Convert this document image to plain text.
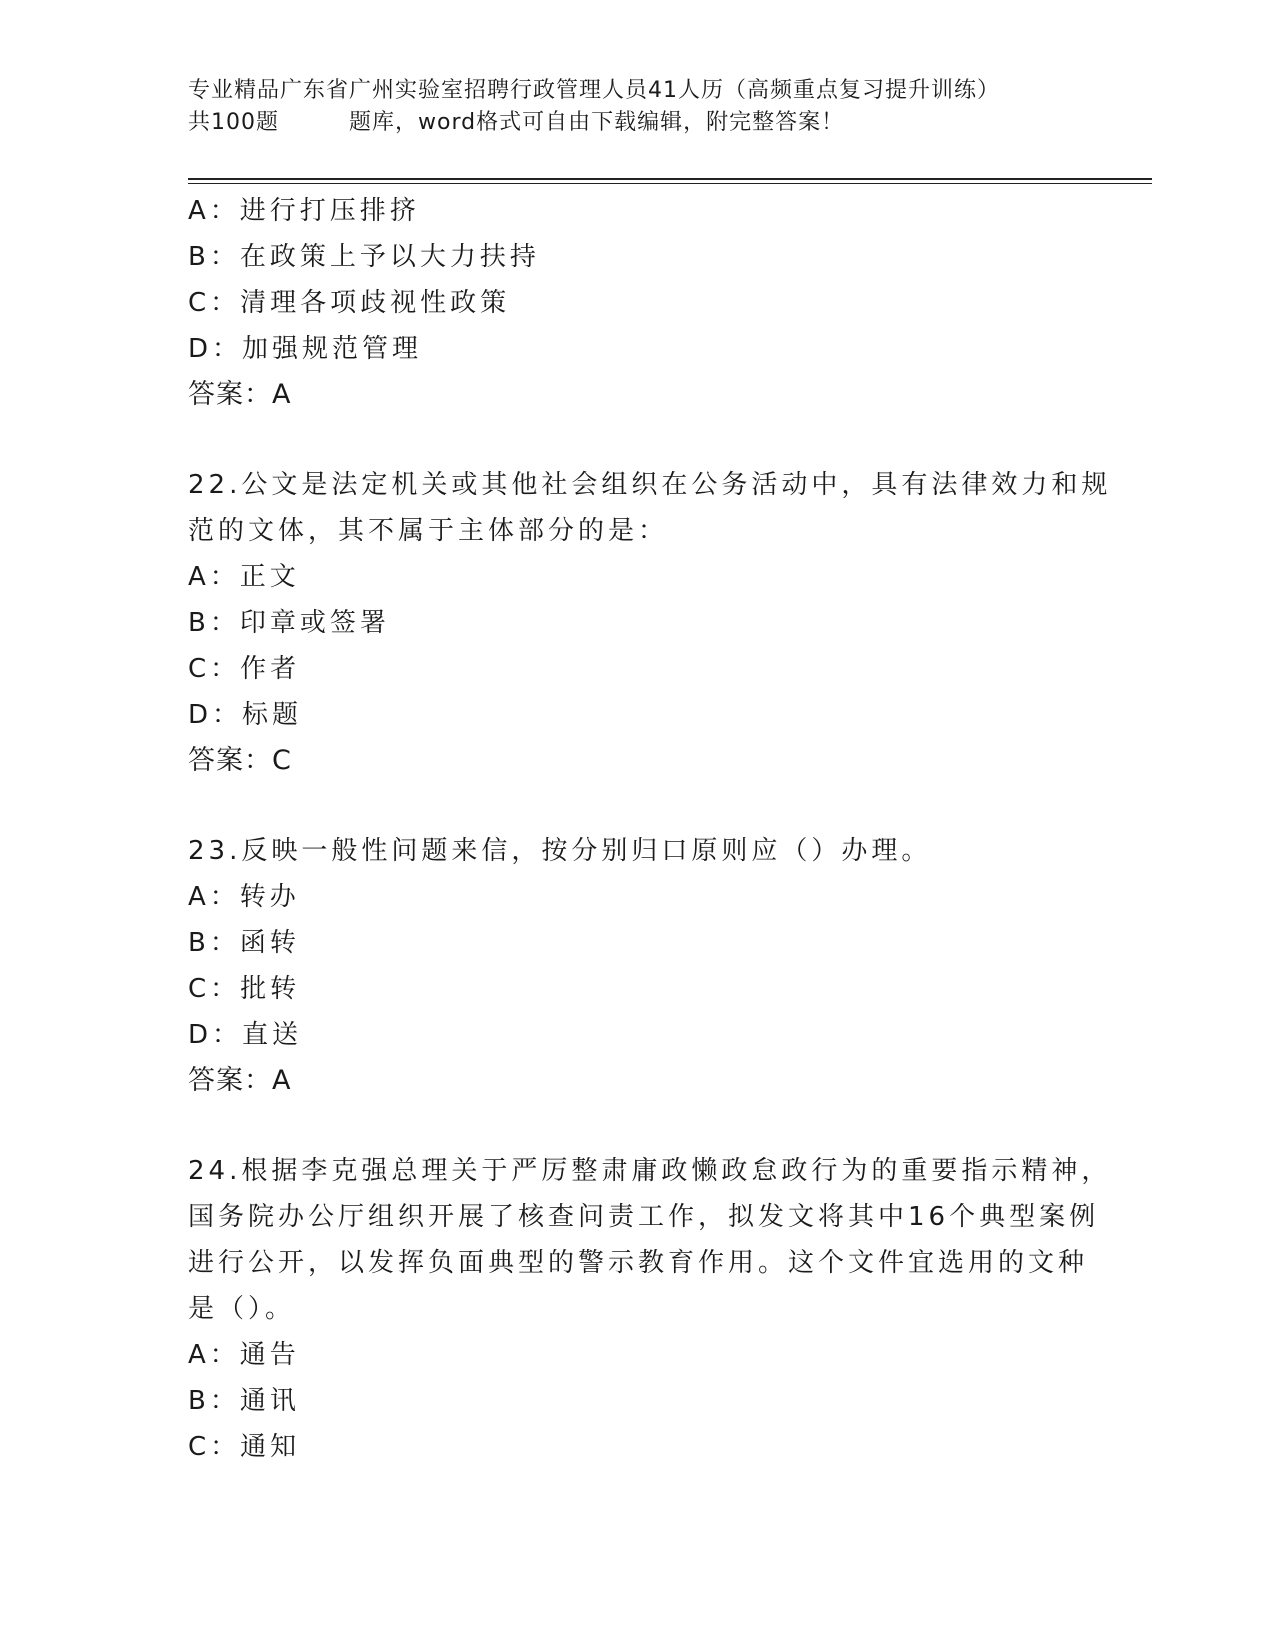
专业精品广东省广州实验室招聘行政管理人员41人历（高频重点复习提升训练）
共100题	题库，word格式可自由下载编辑，附完整答案！
A：进行打压排挤
B：在政策上予以大力扶持
C：清理各项歧视性政策
D：加强规范管理
答案：A
22.公文是法定机关或其他社会组织在公务活动中，具有法律效力和规
范的文体，其不属于主体部分的是：
A：正文
B：印章或签署
C：作者
D：标题
答案：C
23.反映一般性问题来信，按分别归口原则应（）办理。
A：转办
B：函转
C：批转
D：直送
答案：A
24.根据李克强总理关于严厉整肃庸政懒政怠政行为的重要指示精神，
国务院办公厅组织开展了核查问责工作，拟发文将其中16个典型案例
进行公开，以发挥负面典型的警示教育作用。这个文件宜选用的文种
是（）。
A：通告
B：通讯
C：通知
